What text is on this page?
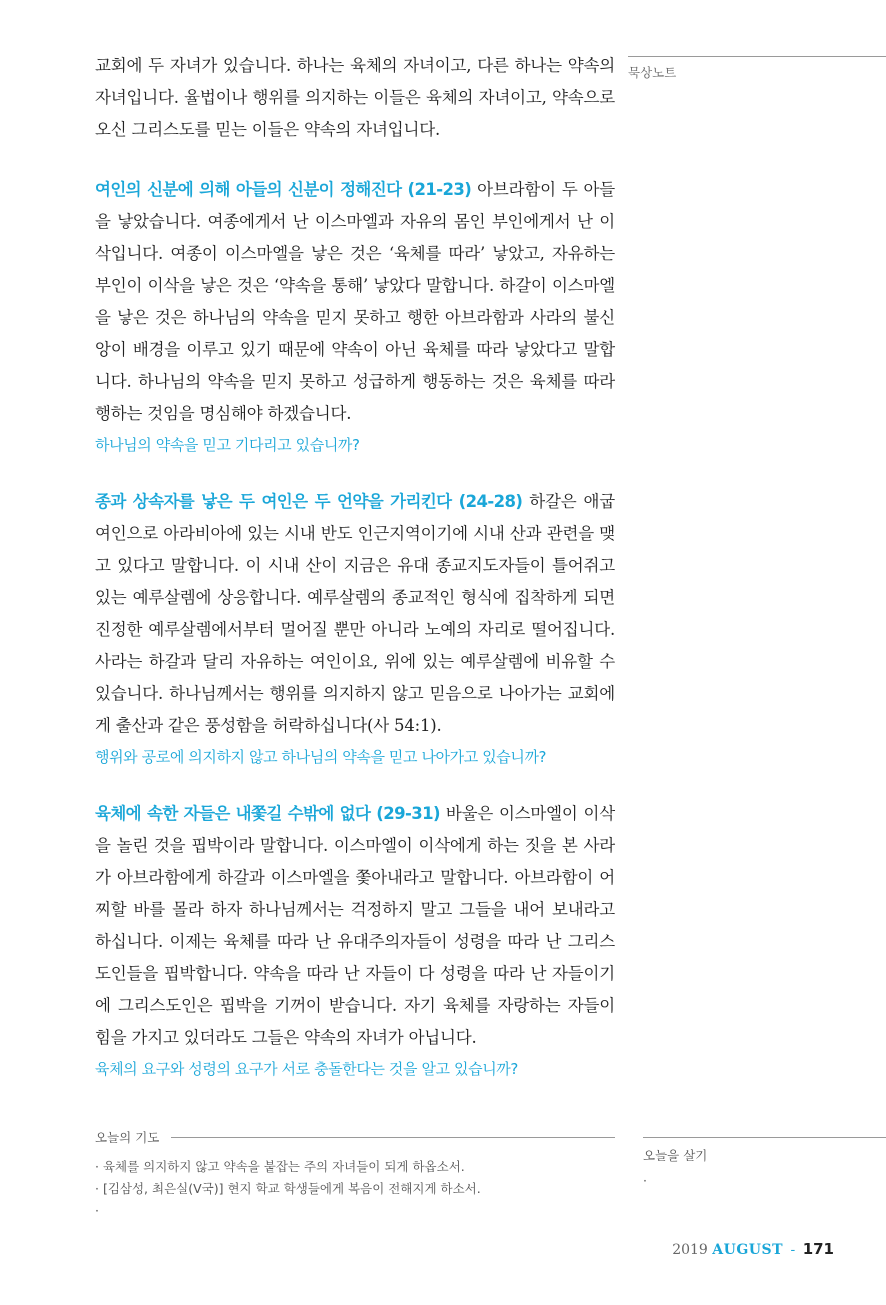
교회에 두 자녀가 있습니다. 하나는 육체의 자녀이고, 다른 하나는 약속의 자녀입니다. 율법이나 행위를 의지하는 이들은 육체의 자녀이고, 약속으로 오신 그리스도를 믿는 이들은 약속의 자녀입니다.

여인의 신분에 의해 아들의 신분이 정해진다 (21-23) 아브라함이 두 아들을 낳았습니다. 여종에게서 난 이스마엘과 자유의 몸인 부인에게서 난 이삭입니다. 여종이 이스마엘을 낳은 것은 ‘육체를 따라’ 낳았고, 자유하는 부인이 이삭을 낳은 것은 ‘약속을 통해’ 낳았다 말합니다. 하갈이 이스마엘을 낳은 것은 하나님의 약속을 믿지 못하고 행한 아브라함과 사라의 불신앙이 배경을 이루고 있기 때문에 약속이 아닌 육체를 따라 낳았다고 말합니다. 하나님의 약속을 믿지 못하고 성급하게 행동하는 것은 육체를 따라 행하는 것임을 명심해야 하겠습니다.

하나님의 약속을 믿고 기다리고 있습니까?

종과 상속자를 낳은 두 여인은 두 언약을 가리킨다 (24-28) 하갈은 애굽 여인으로 아라비아에 있는 시내 반도 인근지역이기에 시내 산과 관련을 맺고 있다고 말합니다. 이 시내 산이 지금은 유대 종교지도자들이 틀어쥐고 있는 예루살렘에 상응합니다. 예루살렘의 종교적인 형식에 집착하게 되면 진정한 예루살렘에서부터 멀어질 뿐만 아니라 노예의 자리로 떨어집니다. 사라는 하갈과 달리 자유하는 여인이요, 위에 있는 예루살렘에 비유할 수 있습니다. 하나님께서는 행위를 의지하지 않고 믿음으로 나아가는 교회에게 출산과 같은 풍성함을 허락하십니다(사 54:1).

행위와 공로에 의지하지 않고 하나님의 약속을 믿고 나아가고 있습니까?

육체에 속한 자들은 내쫓길 수밖에 없다 (29-31) 바울은 이스마엘이 이삭을 놀린 것을 핍박이라 말합니다. 이스마엘이 이삭에게 하는 짓을 본 사라가 아브라함에게 하갈과 이스마엘을 쫓아내라고 말합니다. 아브라함이 어찌할 바를 몰라 하자 하나님께서는 걱정하지 말고 그들을 내어 보내라고 하십니다. 이제는 육체를 따라 난 유대주의자들이 성령을 따라 난 그리스도인들을 핍박합니다. 약속을 따라 난 자들이 다 성령을 따라 난 자들이기에 그리스도인은 핍박을 기꺼이 받습니다. 자기 육체를 자랑하는 자들이 힘을 가지고 있더라도 그들은 약속의 자녀가 아닙니다.

육체의 요구와 성령의 요구가 서로 충돌한다는 것을 알고 있습니까?

묵상노트
오늘의 기도
· 육체를 의지하지 않고 약속을 붙잡는 주의 자녀들이 되게 하옵소서.
· [김삼성, 최은실(V국)] 현지 학교 학생들에게 복음이 전해지게 하소서.
·
오늘을 살기
·
2019 AUGUST - 171
